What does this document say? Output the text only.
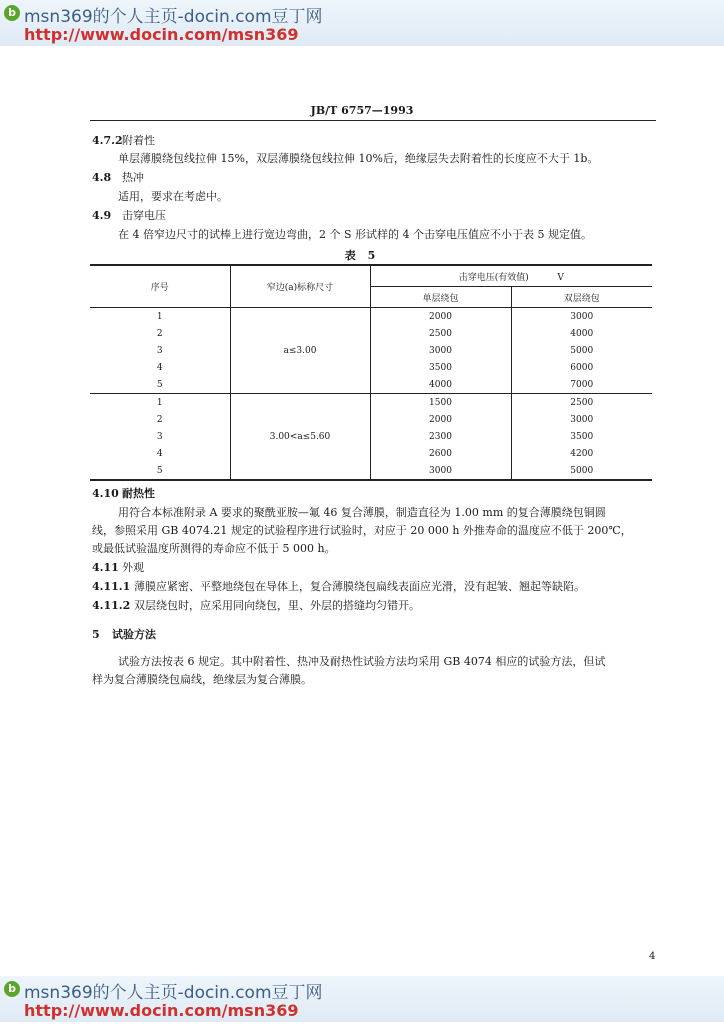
b msn369的个人主页-docin.com豆丁网
http://www.docin.com/msn369
JB/T 6757—1993
4.7.2附着性
单层薄膜绕包线拉伸 15%，双层薄膜绕包线拉伸 10%后，绝缘层失去附着性的长度应不大于 1b。
4.8 热冲
适用，要求在考虑中。
4.9 击穿电压
在 4 倍窄边尺寸的试棒上进行宽边弯曲，2 个 S 形试样的 4 个击穿电压值应不小于表 5 规定值。
表 5
序号	窄边(a)标称尺寸	击穿电压(有效值) V	
		单层绕包	双层绕包
1	a≤3.00	2000	3000
2		2500	4000
3		3000	5000
4		3500	6000
5		4000	7000
1	3.00<a≤5.60	1500	2500
2		2000	3000
3		2300	3500
4		2600	4200
5		3000	5000
4.10 耐热性
用符合本标准附录 A 要求的聚酰亚胺—氟 46 复合薄膜，制造直径为 1.00 mm 的复合薄膜绕包铜圆
线，参照采用 GB 4074.21 规定的试验程序进行试验时，对应于 20 000 h 外推寿命的温度应不低于 200℃，
或最低试验温度所测得的寿命应不低于 5 000 h。
4.11 外观
4.11.1 薄膜应紧密、平整地绕包在导体上，复合薄膜绕包扁线表面应光滑，没有起皱、翘起等缺陷。
4.11.2 双层绕包时，应采用同向绕包，里、外层的搭缝均匀错开。
5 试验方法
试验方法按表 6 规定。其中附着性、热冲及耐热性试验方法均采用 GB 4074 相应的试验方法，但试
样为复合薄膜绕包扁线，绝缘层为复合薄膜。
4
b msn369的个人主页-docin.com豆丁网
http://www.docin.com/msn369
